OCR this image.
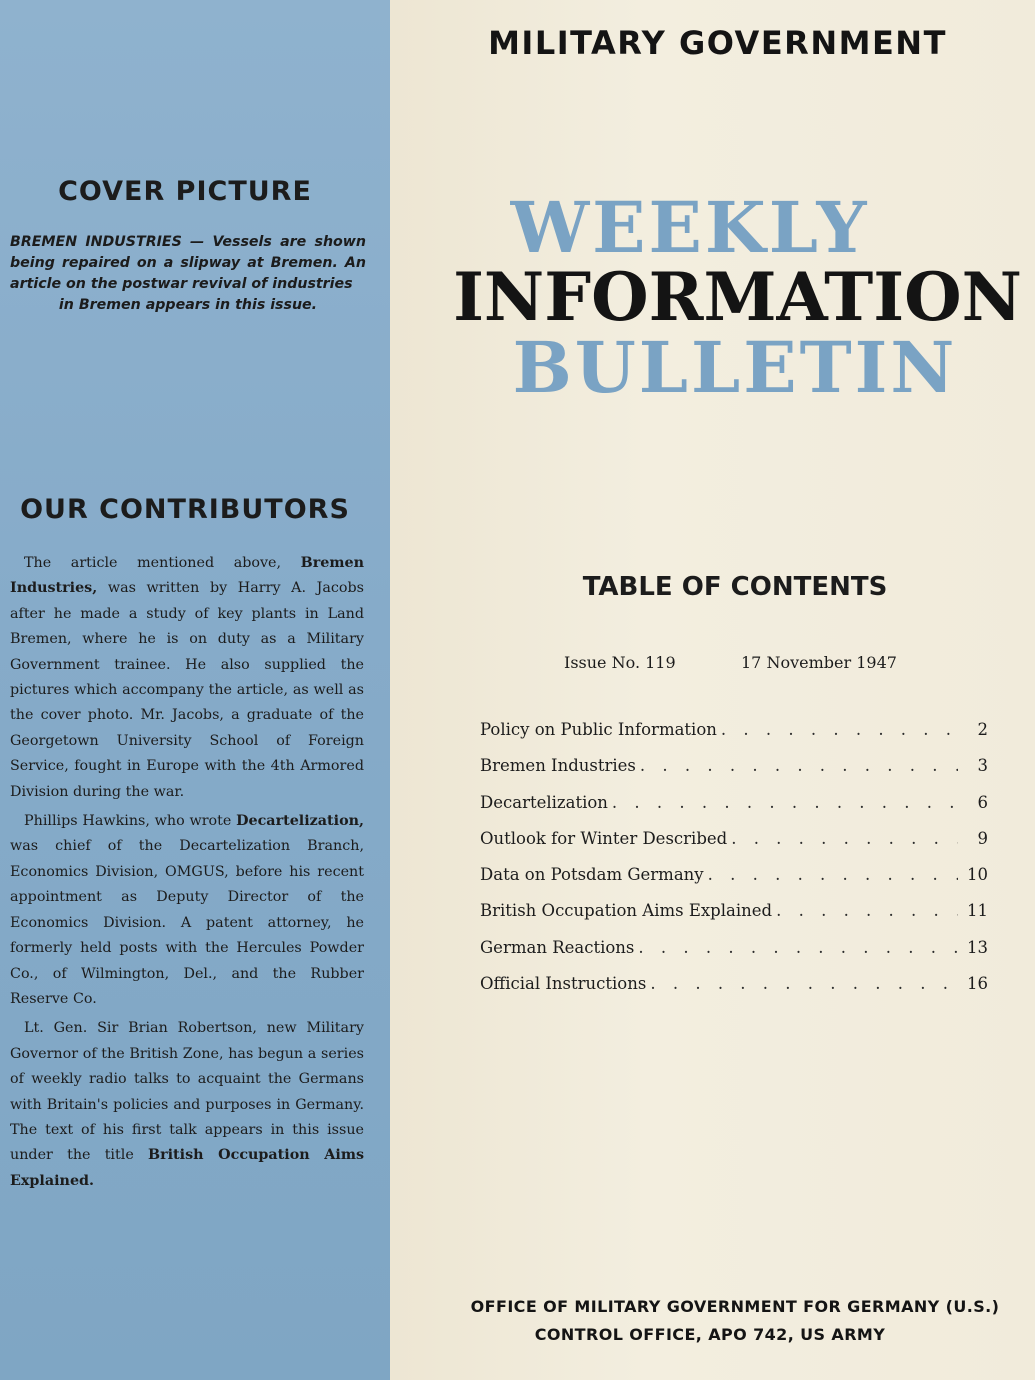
MILITARY GOVERNMENT
WEEKLY
INFORMATION
BULLETIN
COVER PICTURE
BREMEN INDUSTRIES — Vessels are shown being repaired on a slipway at Bremen. An article on the postwar revival of industries
in Bremen appears in this issue.
OUR CONTRIBUTORS

The article mentioned above, Bremen Industries, was written by Harry A. Jacobs after he made a study of key plants in Land Bremen, where he is on duty as a Military Government trainee. He also supplied the pictures which accompany the article, as well as the cover photo. Mr. Jacobs, a graduate of the Georgetown University School of Foreign Service, fought in Europe with the 4th Armored Division during the war.

Phillips Hawkins, who wrote Decartelization, was chief of the Decartelization Branch, Economics Division, OMGUS, before his recent appointment as Deputy Director of the Economics Division. A patent attorney, he formerly held posts with the Hercules Powder Co., of Wilmington, Del., and the Rubber Reserve Co.

Lt. Gen. Sir Brian Robertson, new Military Governor of the British Zone, has begun a series of weekly radio talks to acquaint the Germans with Britain's policies and purposes in Germany. The text of his first talk appears in this issue under the title British Occupation Aims Explained.

TABLE OF CONTENTS
Issue No. 119	17 November 1947
Policy on Public Information . . .	2
Bremen Industries . . .	3
Decartelization . . .	6
Outlook for Winter Described . . .	9
Data on Potsdam Germany . . .	10
British Occupation Aims Explained . . .	11
German Reactions . . .	13
Official Instructions . . .	16
OFFICE OF MILITARY GOVERNMENT FOR GERMANY (U.S.)
CONTROL OFFICE, APO 742, US ARMY
